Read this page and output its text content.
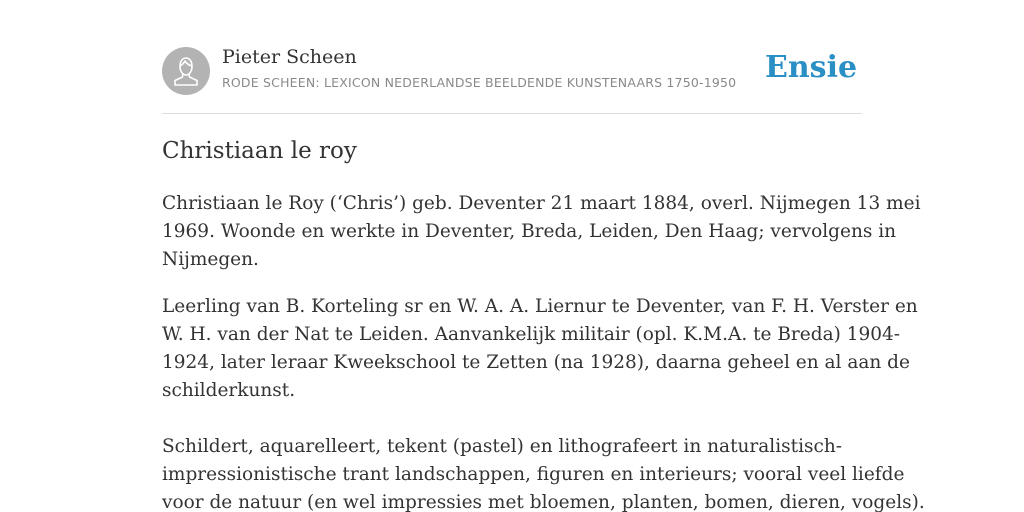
Pieter Scheen
RODE SCHEEN: LEXICON NEDERLANDSE BEELDENDE KUNSTENAARS 1750-1950 Ensie
Christiaan le roy

Christiaan le Roy (‘Chris’) geb. Deventer 21 maart 1884, overl. Nijmegen 13 mei
1969. Woonde en werkte in Deventer, Breda, Leiden, Den Haag; vervolgens in
Nijmegen.

Leerling van B. Korteling sr en W. A. A. Liernur te Deventer, van F. H. Verster en
W. H. van der Nat te Leiden. Aanvankelijk militair (opl. K.M.A. te Breda) 1904-
1924, later leraar Kweekschool te Zetten (na 1928), daarna geheel en al aan de
schilderkunst.

Schildert, aquarelleert, tekent (pastel) en lithografeert in naturalistisch-
impressionistische trant landschappen, figuren en interieurs; vooral veel liefde
voor de natuur (en wel impressies met bloemen, planten, bomen, dieren, vogels).
